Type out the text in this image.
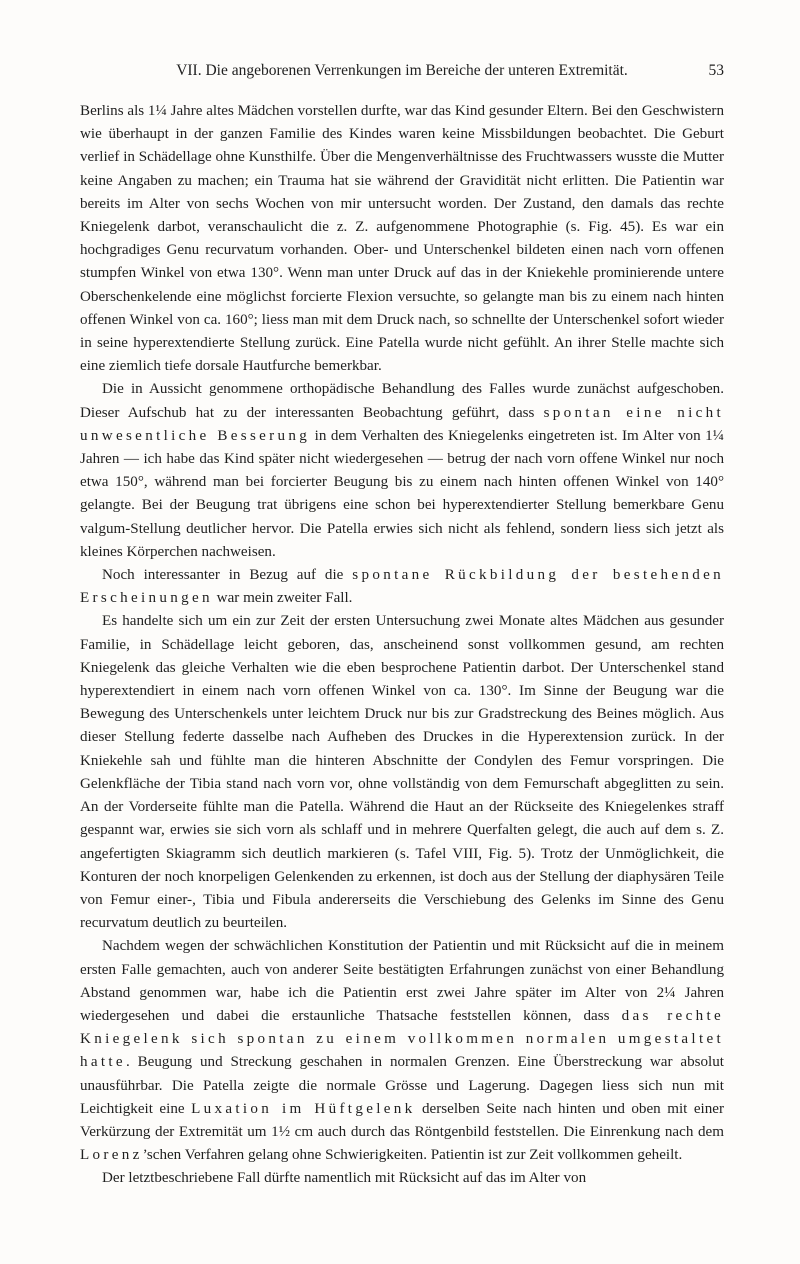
VII. Die angeborenen Verrenkungen im Bereiche der unteren Extremität.	53

Berlins als 1¼ Jahre altes Mädchen vorstellen durfte, war das Kind gesunder Eltern. Bei den Geschwistern wie überhaupt in der ganzen Familie des Kindes waren keine Missbildungen beobachtet. Die Geburt verlief in Schädellage ohne Kunsthilfe. Über die Mengenverhältnisse des Fruchtwassers wusste die Mutter keine Angaben zu machen; ein Trauma hat sie während der Gravidität nicht erlitten. Die Patientin war bereits im Alter von sechs Wochen von mir untersucht worden. Der Zustand, den damals das rechte Kniegelenk darbot, veranschaulicht die z. Z. aufgenommene Photographie (s. Fig. 45). Es war ein hochgradiges Genu recurvatum vorhanden. Ober- und Unterschenkel bildeten einen nach vorn offenen stumpfen Winkel von etwa 130°. Wenn man unter Druck auf das in der Kniekehle prominierende untere Oberschenkelende eine möglichst forcierte Flexion versuchte, so gelangte man bis zu einem nach hinten offenen Winkel von ca. 160°; liess man mit dem Druck nach, so schnellte der Unterschenkel sofort wieder in seine hyperextendierte Stellung zurück. Eine Patella wurde nicht gefühlt. An ihrer Stelle machte sich eine ziemlich tiefe dorsale Hautfurche bemerkbar.

Die in Aussicht genommene orthopädische Behandlung des Falles wurde zunächst aufgeschoben. Dieser Aufschub hat zu der interessanten Beobachtung geführt, dass spontan eine nicht unwesentliche Besserung in dem Verhalten des Kniegelenks eingetreten ist. Im Alter von 1¼ Jahren — ich habe das Kind später nicht wiedergesehen — betrug der nach vorn offene Winkel nur noch etwa 150°, während man bei forcierter Beugung bis zu einem nach hinten offenen Winkel von 140° gelangte. Bei der Beugung trat übrigens eine schon bei hyperextendierter Stellung bemerkbare Genu valgum-Stellung deutlicher hervor. Die Patella erwies sich nicht als fehlend, sondern liess sich jetzt als kleines Körperchen nachweisen.

Noch interessanter in Bezug auf die spontane Rückbildung der bestehenden Erscheinungen war mein zweiter Fall.

Es handelte sich um ein zur Zeit der ersten Untersuchung zwei Monate altes Mädchen aus gesunder Familie, in Schädellage leicht geboren, das, anscheinend sonst vollkommen gesund, am rechten Kniegelenk das gleiche Verhalten wie die eben besprochene Patientin darbot. Der Unterschenkel stand hyperextendiert in einem nach vorn offenen Winkel von ca. 130°. Im Sinne der Beugung war die Bewegung des Unterschenkels unter leichtem Druck nur bis zur Gradstreckung des Beines möglich. Aus dieser Stellung federte dasselbe nach Aufheben des Druckes in die Hyperextension zurück. In der Kniekehle sah und fühlte man die hinteren Abschnitte der Condylen des Femur vorspringen. Die Gelenkfläche der Tibia stand nach vorn vor, ohne vollständig von dem Femurschaft abgeglitten zu sein. An der Vorderseite fühlte man die Patella. Während die Haut an der Rückseite des Kniegelenkes straff gespannt war, erwies sie sich vorn als schlaff und in mehrere Querfalten gelegt, die auch auf dem s. Z. angefertigten Skiagramm sich deutlich markieren (s. Tafel VIII, Fig. 5). Trotz der Unmöglichkeit, die Konturen der noch knorpeligen Gelenkenden zu erkennen, ist doch aus der Stellung der diaphysären Teile von Femur einer-, Tibia und Fibula andererseits die Verschiebung des Gelenks im Sinne des Genu recurvatum deutlich zu beurteilen.

Nachdem wegen der schwächlichen Konstitution der Patientin und mit Rücksicht auf die in meinem ersten Falle gemachten, auch von anderer Seite bestätigten Erfahrungen zunächst von einer Behandlung Abstand genommen war, habe ich die Patientin erst zwei Jahre später im Alter von 2¼ Jahren wiedergesehen und dabei die erstaunliche Thatsache feststellen können, dass das rechte Kniegelenk sich spontan zu einem vollkommen normalen umgestaltet hatte. Beugung und Streckung geschahen in normalen Grenzen. Eine Überstreckung war absolut unausführbar. Die Patella zeigte die normale Grösse und Lagerung. Dagegen liess sich nun mit Leichtigkeit eine Luxation im Hüftgelenk derselben Seite nach hinten und oben mit einer Verkürzung der Extremität um 1½ cm auch durch das Röntgenbild feststellen. Die Einrenkung nach dem Lorenz’schen Verfahren gelang ohne Schwierigkeiten. Patientin ist zur Zeit vollkommen geheilt.

Der letztbeschriebene Fall dürfte namentlich mit Rücksicht auf das im Alter von
